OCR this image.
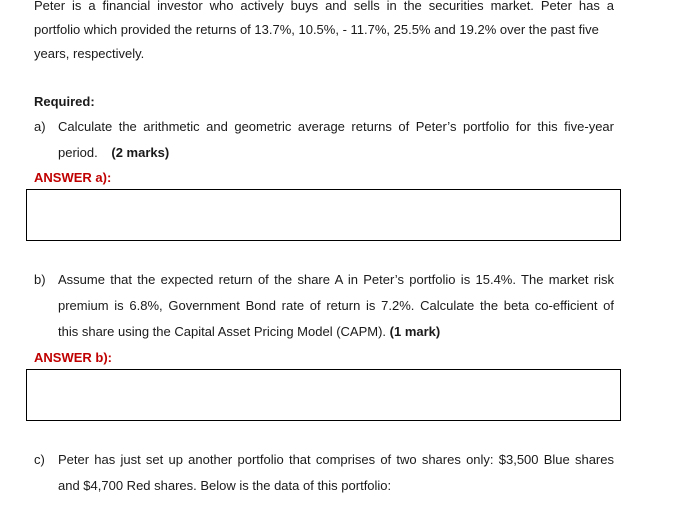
Peter is a financial investor who actively buys and sells in the securities market. Peter has a
portfolio which provided the returns of 13.7%, 10.5%, - 11.7%, 25.5% and 19.2% over the past five
years, respectively.
Required:
a) Calculate the arithmetic and geometric average returns of Peter’s portfolio for this five-year
period. (2 marks)
ANSWER a):
b) Assume that the expected return of the share A in Peter’s portfolio is 15.4%. The market risk
premium is 6.8%, Government Bond rate of return is 7.2%. Calculate the beta co-efficient of
this share using the Capital Asset Pricing Model (CAPM). (1 mark)
ANSWER b):
c) Peter has just set up another portfolio that comprises of two shares only: $3,500 Blue shares
and $4,700 Red shares. Below is the data of this portfolio:
